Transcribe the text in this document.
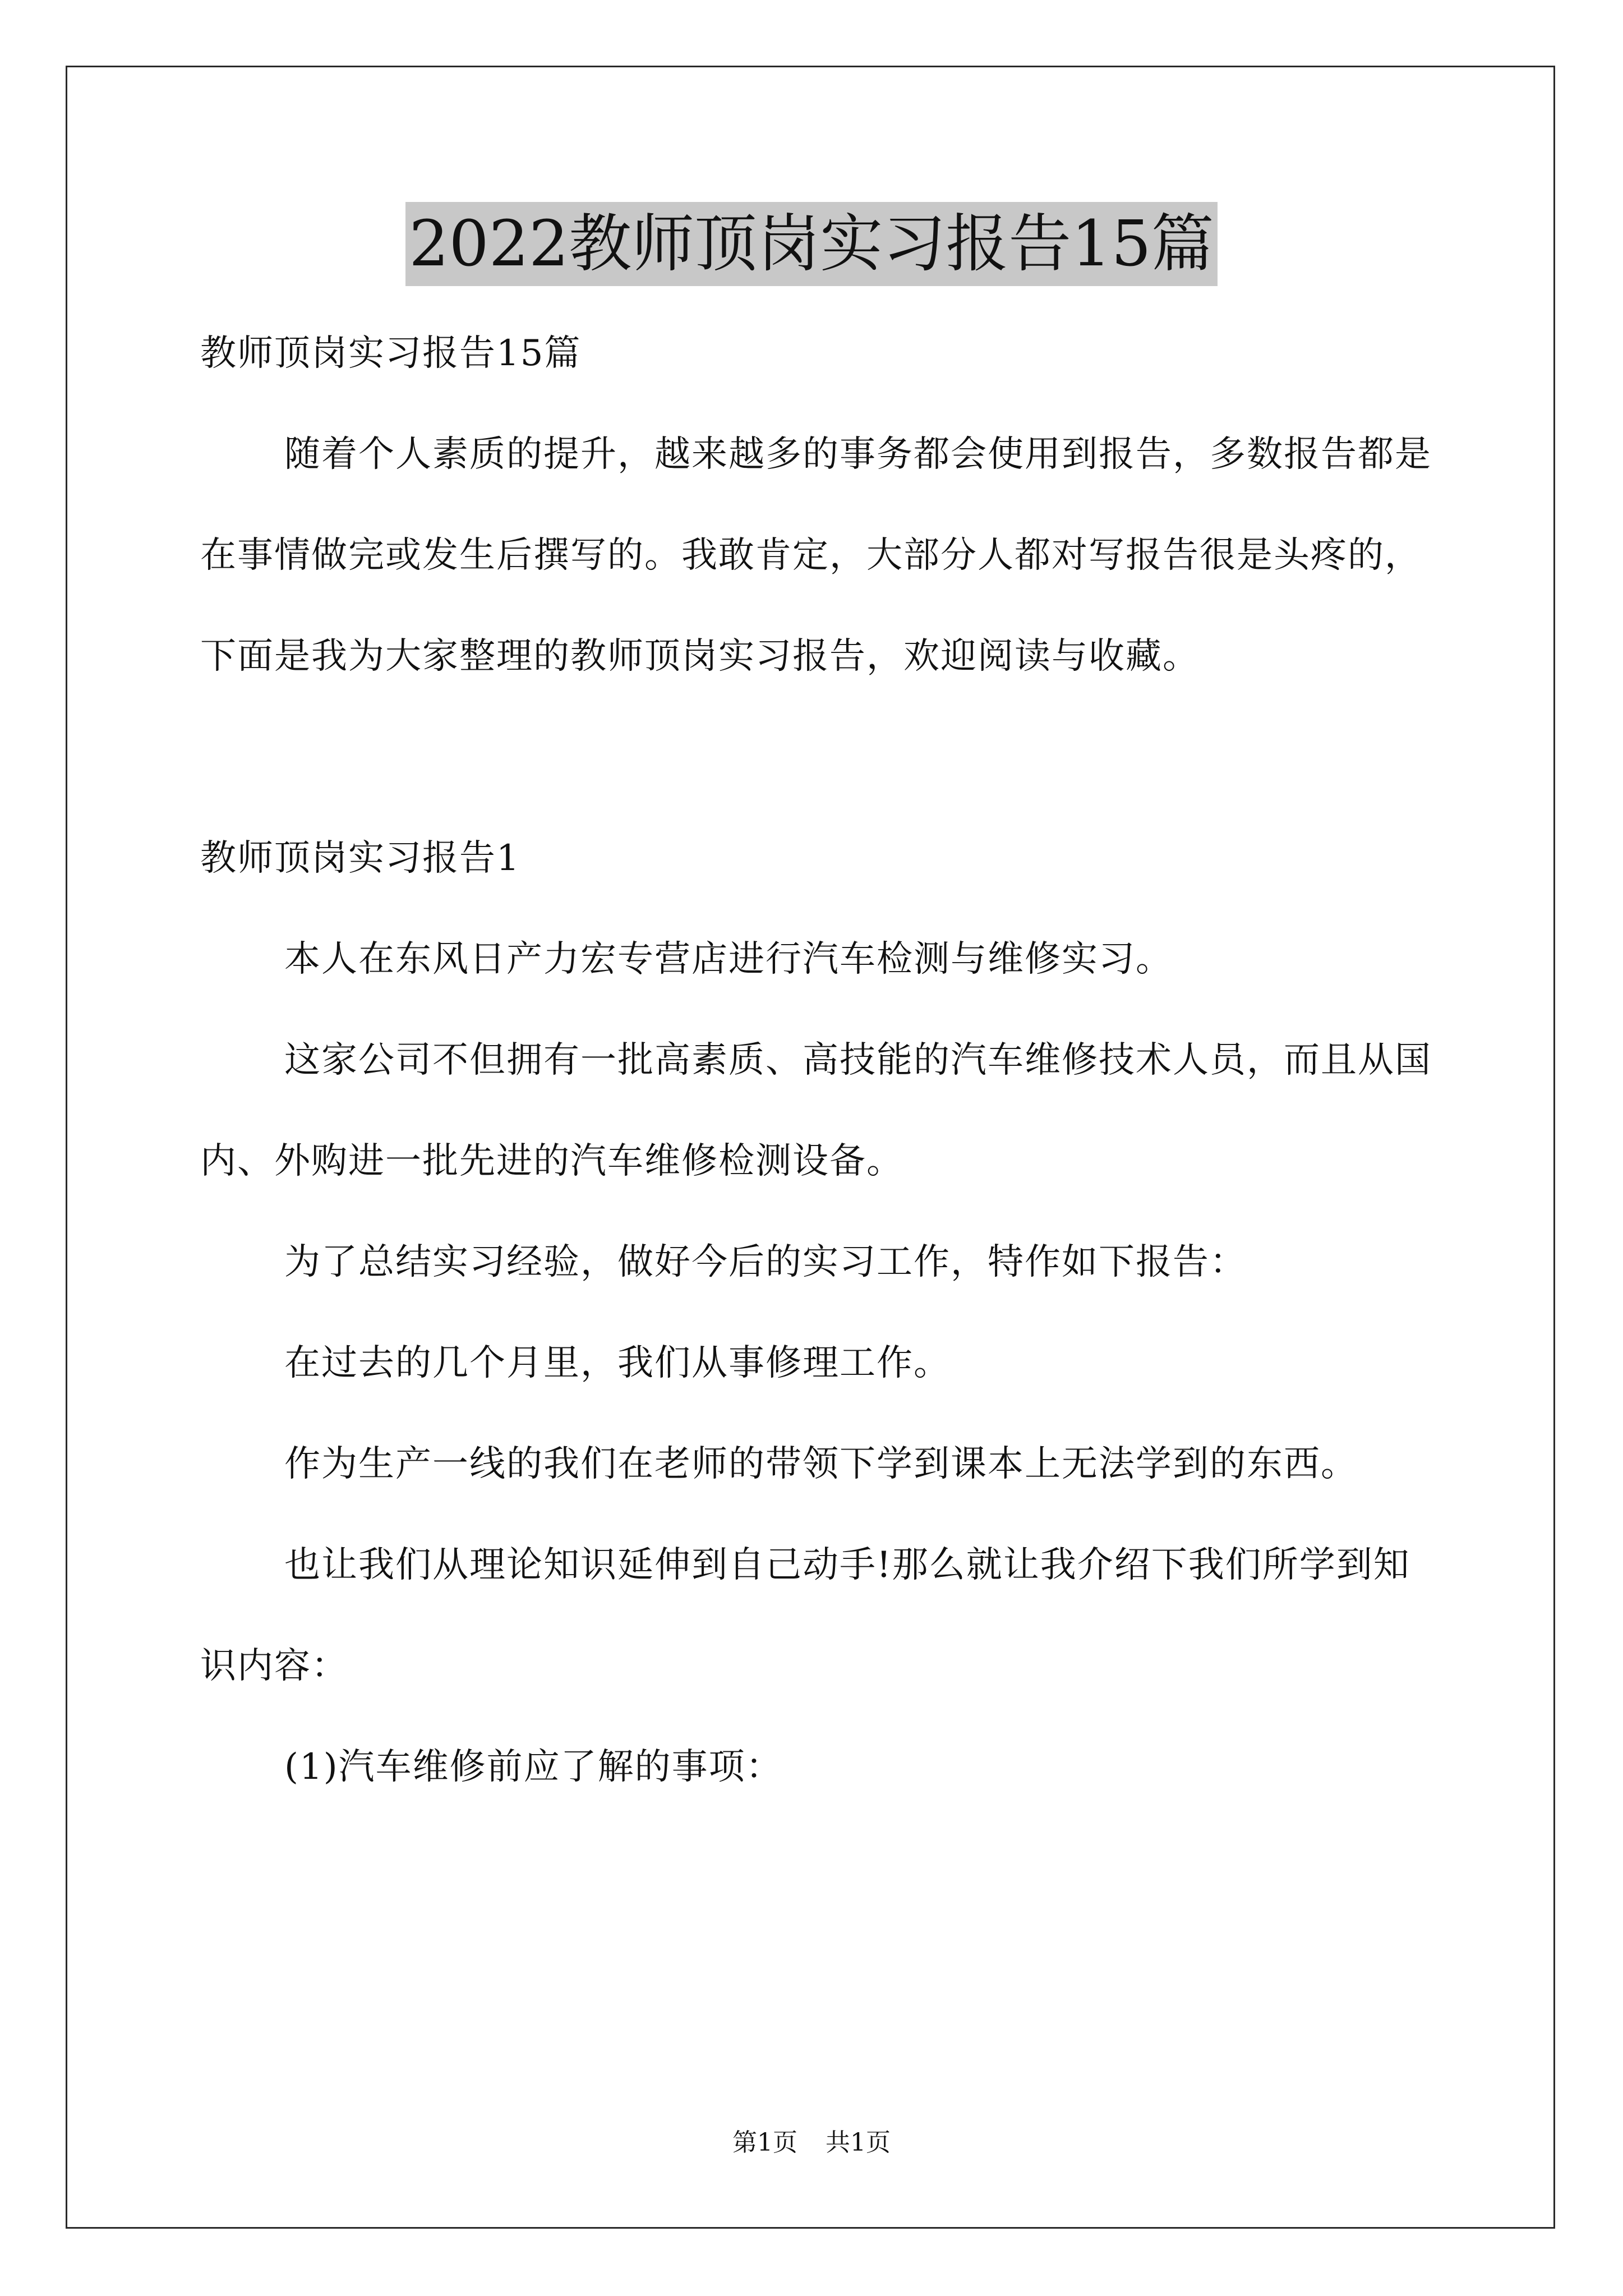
2022教师顶岗实习报告15篇

教师顶岗实习报告15篇

随着个人素质的提升，越来越多的事务都会使用到报告，多数报告都是在事情做完或发生后撰写的。我敢肯定，大部分人都对写报告很是头疼的，下面是我为大家整理的教师顶岗实习报告，欢迎阅读与收藏。

教师顶岗实习报告1

本人在东风日产力宏专营店进行汽车检测与维修实习。

这家公司不但拥有一批高素质、高技能的汽车维修技术人员，而且从国内、外购进一批先进的汽车维修检测设备。

为了总结实习经验，做好今后的实习工作，特作如下报告：

在过去的几个月里，我们从事修理工作。

作为生产一线的我们在老师的带领下学到课本上无法学到的东西。

也让我们从理论知识延伸到自己动手!那么就让我介绍下我们所学到知识内容：

(1)汽车维修前应了解的事项：

第1页 共1页
